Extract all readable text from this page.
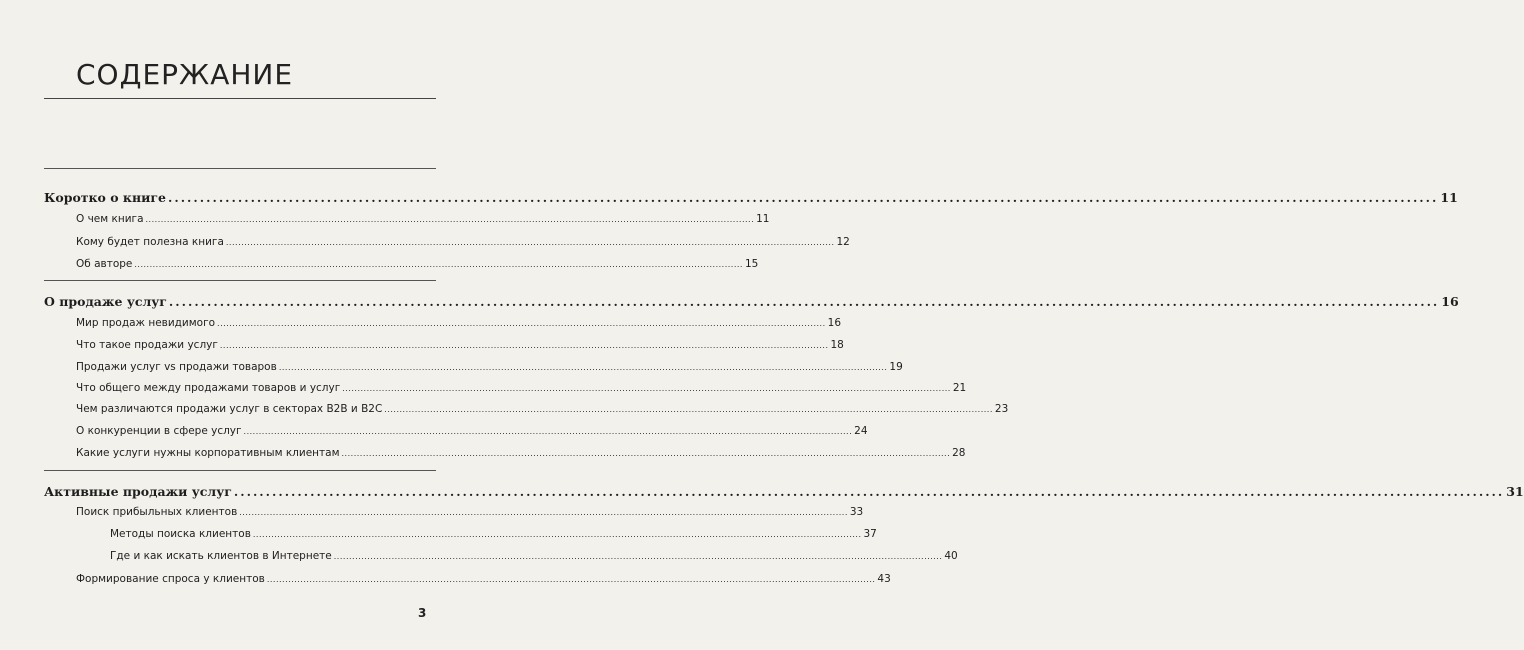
СОДЕРЖАНИЕ
Коротко о книге ........................................................................................................................................................................................................ 11
О чем книга ........................................................................................................................................................................................................ 11
Кому будет полезна книга ........................................................................................................................................................................................................ 12
Об авторе ........................................................................................................................................................................................................ 15
О продаже услуг ........................................................................................................................................................................................................ 16
Мир продаж невидимого ........................................................................................................................................................................................................ 16
Что такое продажи услуг ........................................................................................................................................................................................................ 18
Продажи услуг vs продажи товаров ........................................................................................................................................................................................................ 19
Что общего между продажами товаров и услуг ........................................................................................................................................................................................................ 21
Чем различаются продажи услуг в секторах B2B и B2C ........................................................................................................................................................................................................ 23
О конкуренции в сфере услуг ........................................................................................................................................................................................................ 24
Какие услуги нужны корпоративным клиентам ........................................................................................................................................................................................................ 28
Активные продажи услуг ........................................................................................................................................................................................................ 31
Поиск прибыльных клиентов ........................................................................................................................................................................................................ 33
Методы поиска клиентов ........................................................................................................................................................................................................ 37
Где и как искать клиентов в Интернете ........................................................................................................................................................................................................ 40
Формирование спроса у клиентов ........................................................................................................................................................................................................ 43
3
